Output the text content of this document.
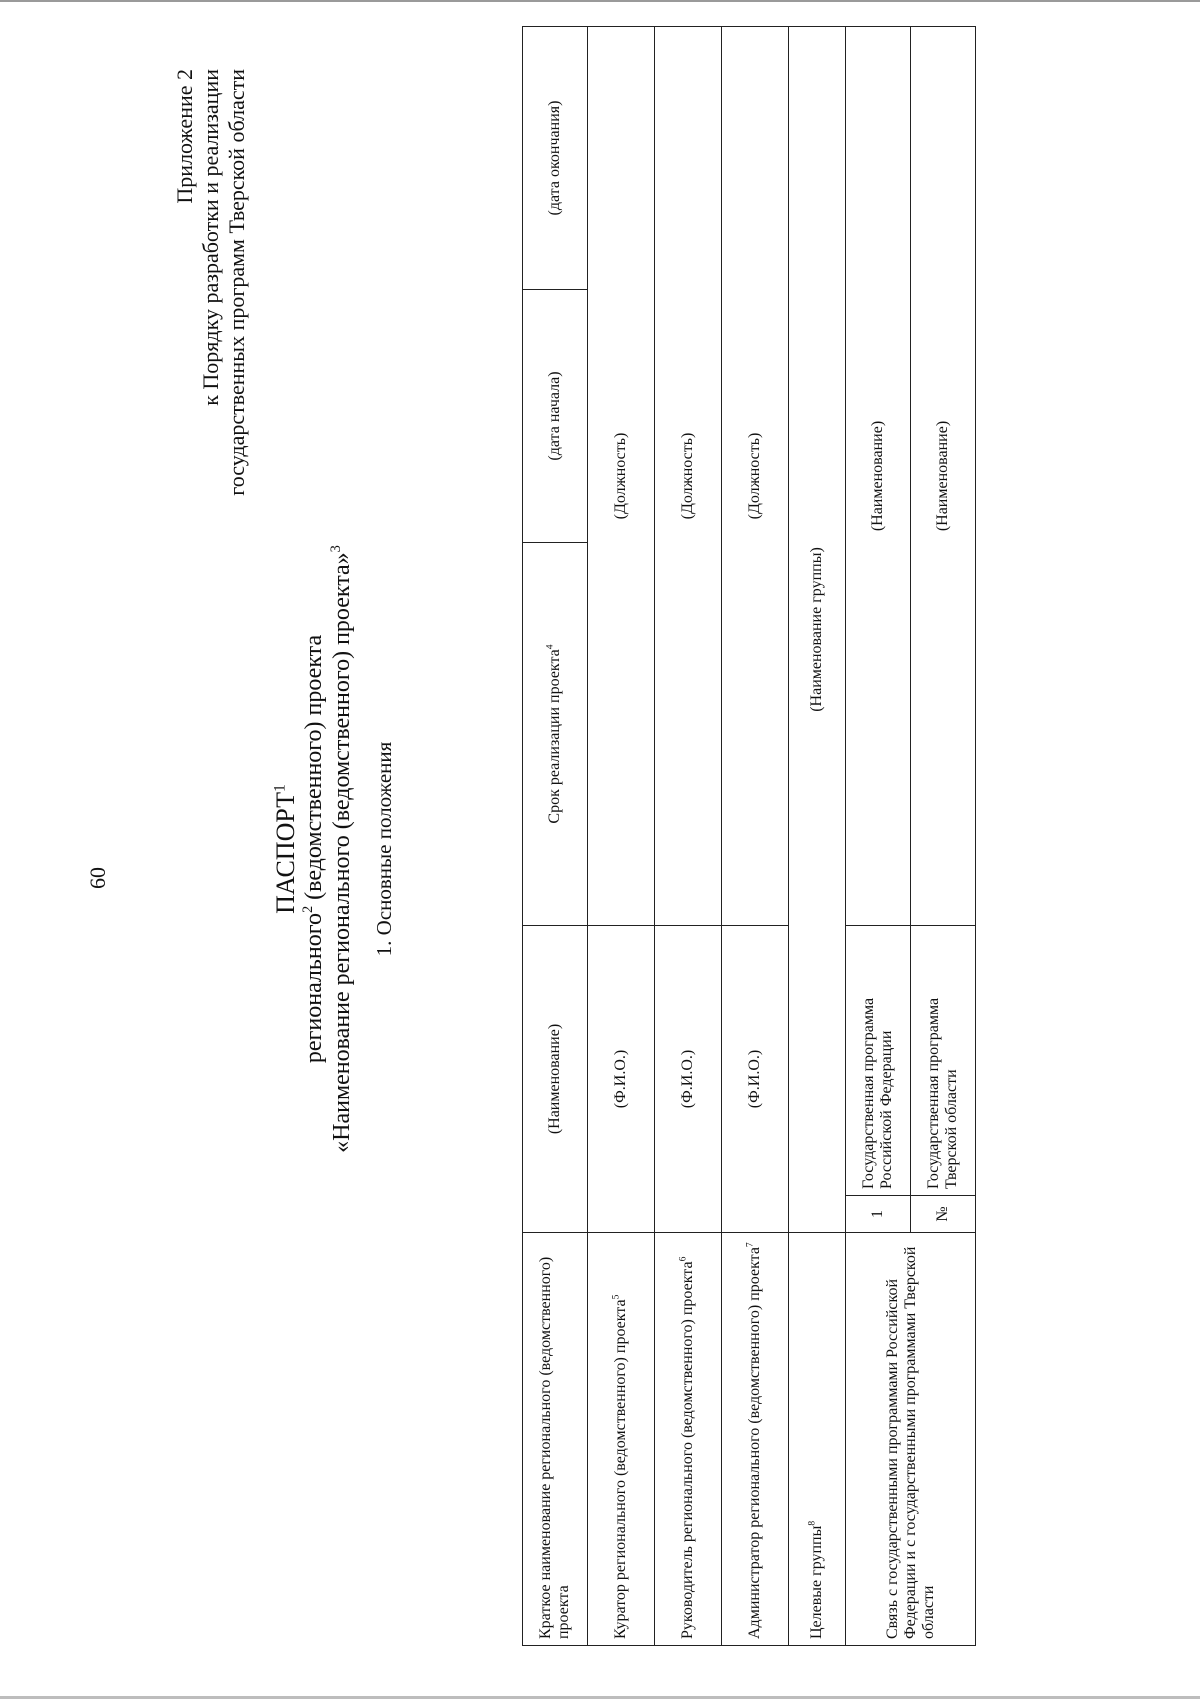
60
Приложение 2 к Порядку разработки и реализации государственных программ Тверской области
ПАСПОРТ$^1$
регионального$^2$ (ведомственного) проекта «Наименование регионального (ведомственного) проекта»$^3$
1. Основные положения
Краткое наименование регионального (ведомственного) проекта	(Наименование)		Срок реализации проекта$^4$	(дата начала)	(дата окончания)
Куратор регионального (ведомственного) проекта$^5$	(Ф.И.О.)		(Должность)		
Руководитель регионального (ведомственного) проекта$^6$	(Ф.И.О.)		(Должность)		
Администратор регионального (ведомственного) проекта$^7$	(Ф.И.О.)		(Должность)		
Целевые группы$^8$	(Наименование группы)				
Связь с государственными программами Российской Федерации и с государственными программами Тверской области	1	Государственная программа Российской Федерации	(Наименование)		
	№	Государственная программа Тверской области	(Наименование)		
